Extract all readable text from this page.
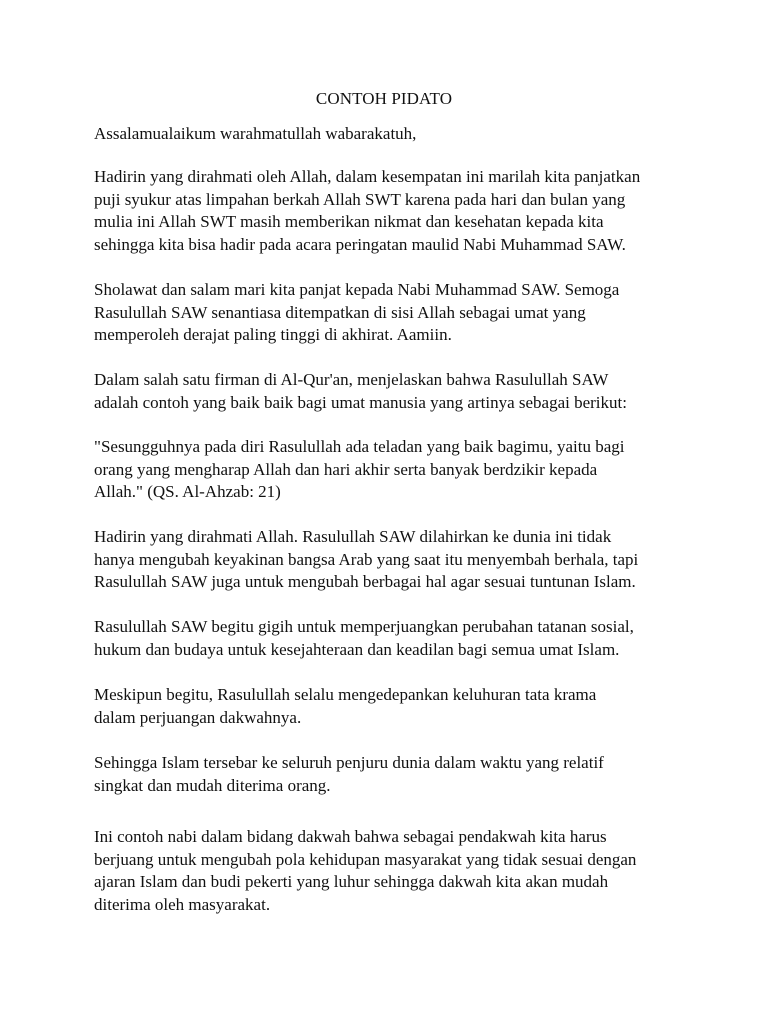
CONTOH PIDATO
Assalamualaikum warahmatullah wabarakatuh,
Hadirin yang dirahmati oleh Allah, dalam kesempatan ini marilah kita panjatkan
puji syukur atas limpahan berkah Allah SWT karena pada hari dan bulan yang
mulia ini Allah SWT masih memberikan nikmat dan kesehatan kepada kita
sehingga kita bisa hadir pada acara peringatan maulid Nabi Muhammad SAW.
Sholawat dan salam mari kita panjat kepada Nabi Muhammad SAW. Semoga
Rasulullah SAW senantiasa ditempatkan di sisi Allah sebagai umat yang
memperoleh derajat paling tinggi di akhirat. Aamiin.
Dalam salah satu firman di Al-Qur'an, menjelaskan bahwa Rasulullah SAW
adalah contoh yang baik baik bagi umat manusia yang artinya sebagai berikut:
"Sesungguhnya pada diri Rasulullah ada teladan yang baik bagimu, yaitu bagi
orang yang mengharap Allah dan hari akhir serta banyak berdzikir kepada
Allah." (QS. Al-Ahzab: 21)
Hadirin yang dirahmati Allah. Rasulullah SAW dilahirkan ke dunia ini tidak
hanya mengubah keyakinan bangsa Arab yang saat itu menyembah berhala, tapi
Rasulullah SAW juga untuk mengubah berbagai hal agar sesuai tuntunan Islam.
Rasulullah SAW begitu gigih untuk memperjuangkan perubahan tatanan sosial,
hukum dan budaya untuk kesejahteraan dan keadilan bagi semua umat Islam.
Meskipun begitu, Rasulullah selalu mengedepankan keluhuran tata krama
dalam perjuangan dakwahnya.
Sehingga Islam tersebar ke seluruh penjuru dunia dalam waktu yang relatif
singkat dan mudah diterima orang.
Ini contoh nabi dalam bidang dakwah bahwa sebagai pendakwah kita harus
berjuang untuk mengubah pola kehidupan masyarakat yang tidak sesuai dengan
ajaran Islam dan budi pekerti yang luhur sehingga dakwah kita akan mudah
diterima oleh masyarakat.
